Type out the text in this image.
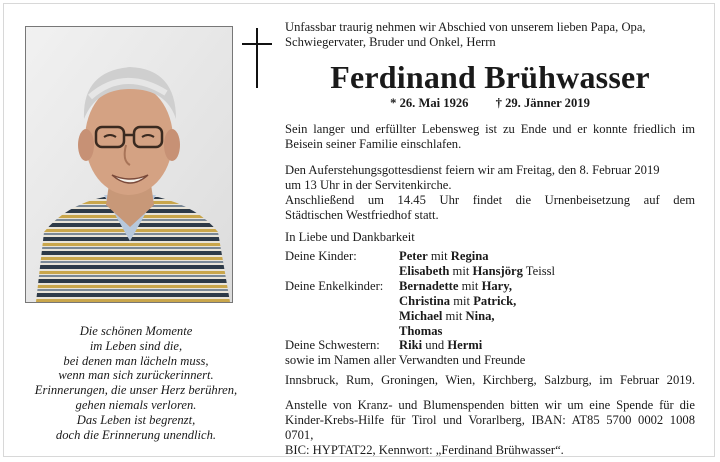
Unfassbar traurig nehmen wir Abschied von unserem lieben Papa, Opa,
Schwiegervater, Bruder und Onkel, Herrn
Ferdinand Brühwasser
* 26. Mai 1926 † 29. Jänner 2019
Sein langer und erfüllter Lebensweg ist zu Ende und er konnte friedlich im Beisein seiner Familie einschlafen.
Den Auferstehungsgottesdienst feiern wir am Freitag, den 8. Februar 2019
um 13 Uhr in der Servitenkirche.
Anschließend um 14.45 Uhr findet die Urnenbeisetzung auf dem
Städtischen Westfriedhof statt.
In Liebe und Dankbarkeit
Deine Kinder:	Peter mit Regina
Elisabeth mit Hansjörg Teissl
Deine Enkelkinder:	Bernadette mit Hary,
Christina mit Patrick,
Michael mit Nina,
Thomas
Deine Schwestern:	Riki und Hermi
sowie im Namen aller Verwandten und Freunde
Innsbruck, Rum, Groningen, Wien, Kirchberg, Salzburg, im Februar 2019.
Anstelle von Kranz- und Blumenspenden bitten wir um eine Spende für die
Kinder-Krebs-Hilfe für Tirol und Vorarlberg, IBAN: AT85 5700 0002 1008 0701,
BIC: HYPTAT22, Kennwort: „Ferdinand Brühwasser“.
Die schönen Momente
im Leben sind die,
bei denen man lächeln muss,
wenn man sich zurückerinnert.
Erinnerungen, die unser Herz berühren,
gehen niemals verloren.
Das Leben ist begrenzt,
doch die Erinnerung unendlich.
